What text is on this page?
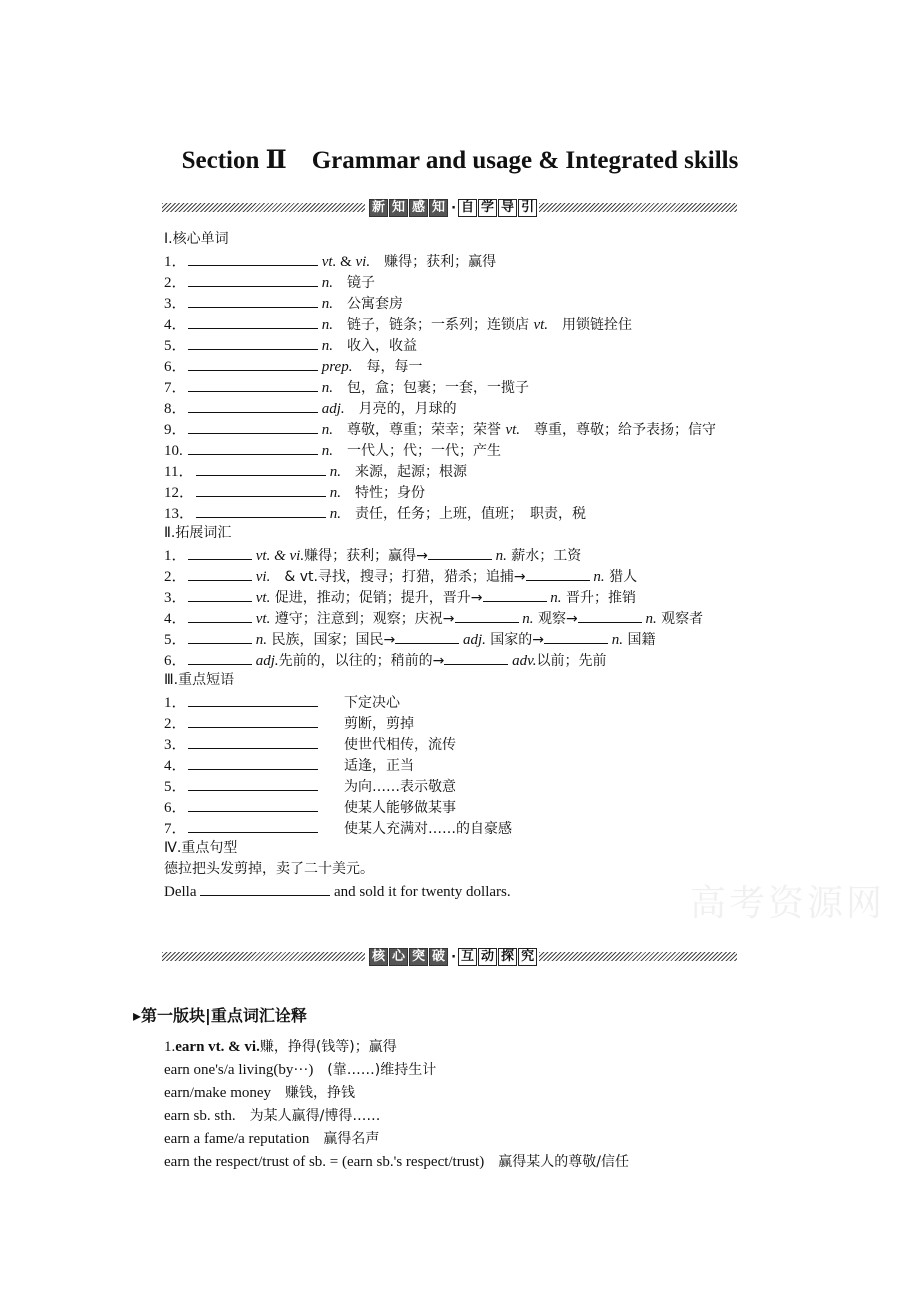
Section Ⅱ　Grammar and usage & Integrated skills
新 知 感 知 · 自 学 导 引
Ⅰ.核心单词
1．	vt. & vi.　赚得；获利；赢得
2．	n.　镜子
3．	n.　公寓套房
4．	n.　链子，链条；一系列；连锁店 vt.　用锁链拴住
5．	n.　收入，收益
6．	prep.　每，每一
7．	n.　包，盒；包裹；一套，一揽子
8．	adj.　月亮的，月球的
9．	n.　尊敬，尊重；荣幸；荣誉 vt.　尊重，尊敬；给予表扬；信守
10.	n.　一代人；代；一代；产生
11．	n.　来源，起源；根源
12．	n.　特性；身份
13．	n.　责任，任务；上班，值班；　职责，税
Ⅱ.拓展词汇
1．	vt. & vi.赚得；获利；赢得→	n. 薪水；工资
2．	vi.　& vt.寻找，搜寻；打猎，猎杀；追捕→	n. 猎人
3．	vt. 促进，推动；促销；提升，晋升→	n. 晋升；推销
4．	vt. 遵守；注意到；观察；庆祝→	n. 观察→	n. 观察者
5．	n. 民族，国家；国民→	adj. 国家的→	n. 国籍
6．	adj.先前的，以往的；稍前的→	adv.以前；先前
Ⅲ.重点短语
1．	下定决心
2．	剪断，剪掉
3．	使世代相传，流传
4．	适逢，正当
5．	为向……表示敬意
6．	使某人能够做某事
7．	使某人充满对……的自豪感
Ⅳ.重点句型
德拉把头发剪掉，卖了二十美元。
Della	and sold it for twenty dollars.	高考资源网
核 心 突 破 · 互 动 探 究
▸第一版块|重点词汇诠释
1.earn vt. & vi.赚，挣得(钱等)；赢得
earn one's/a living(by···)　(靠……)维持生计
earn/make money　赚钱，挣钱
earn sb. sth.　为某人赢得/博得……
earn a fame/a reputation　赢得名声
earn the respect/trust of sb. = (earn sb.'s respect/trust)　赢得某人的尊敬/信任
